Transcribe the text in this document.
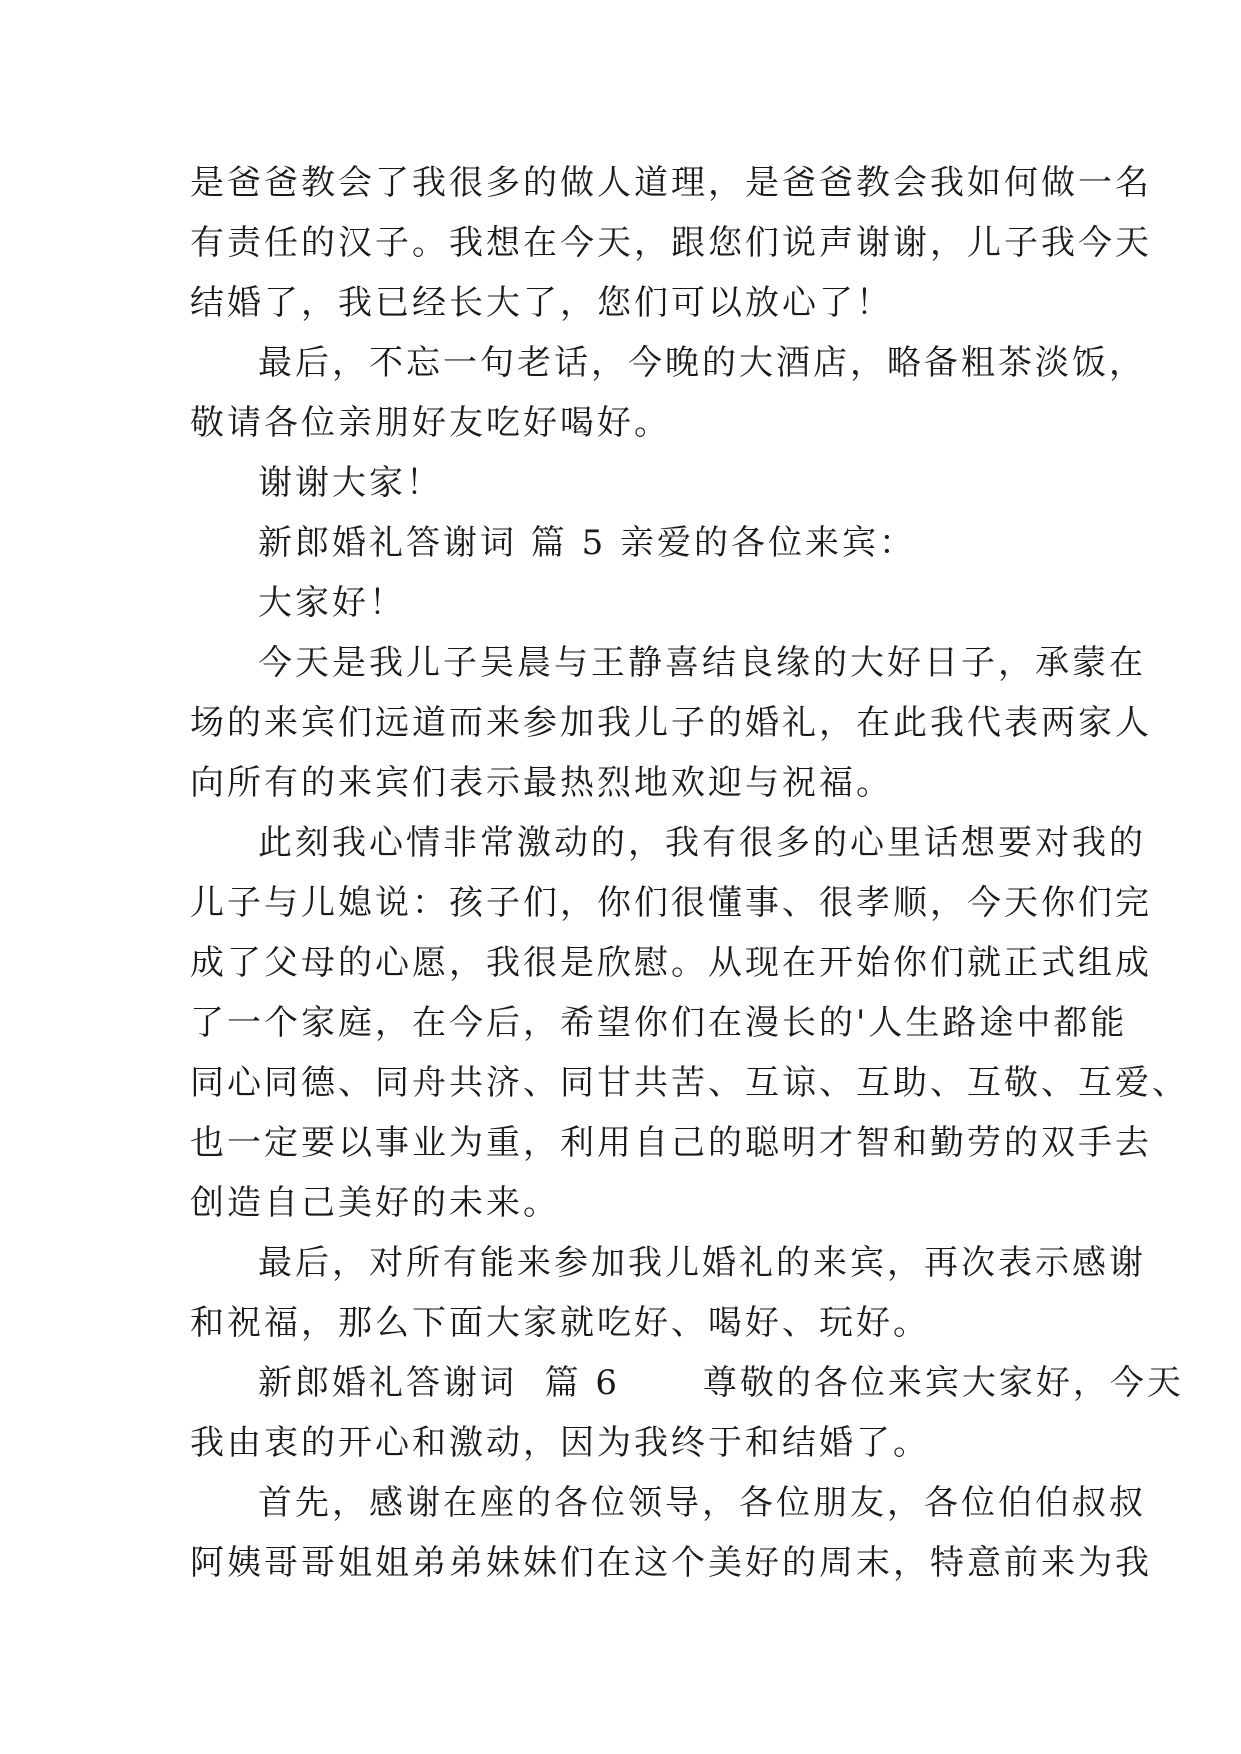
是爸爸教会了我很多的做人道理，是爸爸教会我如何做一名
有责任的汉子。我想在今天，跟您们说声谢谢，儿子我今天
结婚了，我已经长大了，您们可以放心了！
最后，不忘一句老话，今晚的大酒店，略备粗茶淡饭，
敬请各位亲朋好友吃好喝好。
谢谢大家！
新郎婚礼答谢词 篇 5 亲爱的各位来宾：
大家好！
今天是我儿子吴晨与王静喜结良缘的大好日子，承蒙在
场的来宾们远道而来参加我儿子的婚礼，在此我代表两家人
向所有的来宾们表示最热烈地欢迎与祝福。
此刻我心情非常激动的，我有很多的心里话想要对我的
儿子与儿媳说：孩子们，你们很懂事、很孝顺，今天你们完
成了父母的心愿，我很是欣慰。从现在开始你们就正式组成
了一个家庭，在今后，希望你们在漫长的'人生路途中都能
同心同德、同舟共济、同甘共苦、互谅、互助、互敬、互爱、
也一定要以事业为重，利用自己的聪明才智和勤劳的双手去
创造自己美好的未来。
最后，对所有能来参加我儿婚礼的来宾，再次表示感谢
和祝福，那么下面大家就吃好、喝好、玩好。
新郎婚礼答谢词  篇 6      尊敬的各位来宾大家好，今天
我由衷的开心和激动，因为我终于和结婚了。
首先，感谢在座的各位领导，各位朋友，各位伯伯叔叔
阿姨哥哥姐姐弟弟妹妹们在这个美好的周末，特意前来为我
